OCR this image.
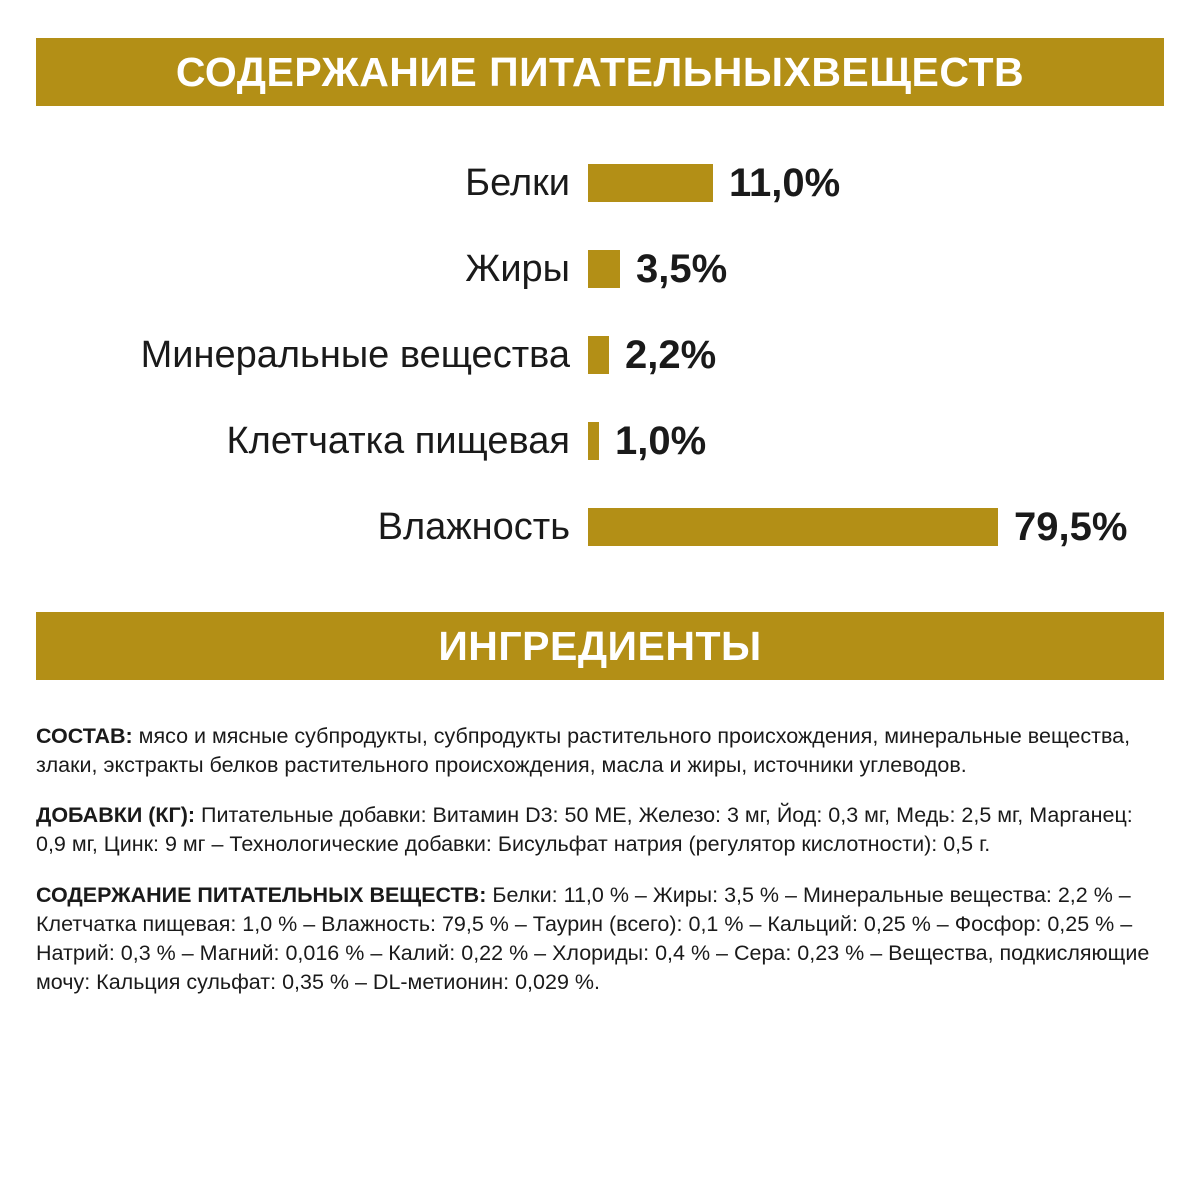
СОДЕРЖАНИЕ ПИТАТЕЛЬНЫХВЕЩЕСТВ
Белки	11,0%
Жиры	3,5%
Минеральные вещества	2,2%
Клетчатка пищевая	1,0%
Влажность	79,5%
ИНГРЕДИЕНТЫ

СОСТАВ: мясо и мясные субпродукты, субпродукты растительного происхождения, минеральные вещества, злаки, экстракты белков растительного происхождения, масла и жиры, источники углеводов.

ДОБАВКИ (КГ): Питательные добавки: Витамин D3: 50 МЕ, Железо: 3 мг, Йод: 0,3 мг, Медь: 2,5 мг, Марганец: 0,9 мг, Цинк: 9 мг – Технологические добавки: Бисульфат натрия (регулятор кислотности): 0,5 г.

СОДЕРЖАНИЕ ПИТАТЕЛЬНЫХ ВЕЩЕСТВ: Белки: 11,0 % – Жиры: 3,5 % – Минеральные вещества: 2,2 % – Клетчатка пищевая: 1,0 % – Влажность: 79,5 % – Таурин (всего): 0,1 % – Кальций: 0,25 % – Фосфор: 0,25 % – Натрий: 0,3 % – Магний: 0,016 % – Калий: 0,22 % – Хлориды: 0,4 % – Сера: 0,23 % – Вещества, подкисляющие мочу: Кальция сульфат: 0,35 % – DL-метионин: 0,029 %.
